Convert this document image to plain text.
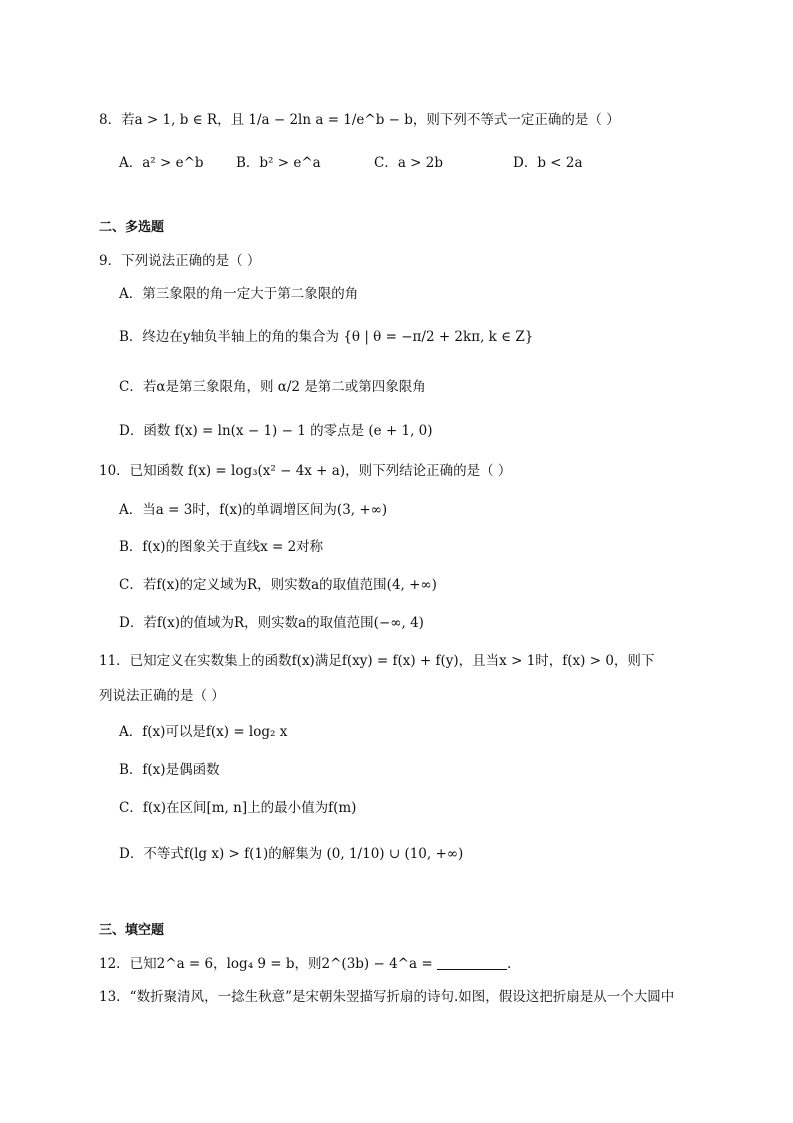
8．若a > 1, b ∈ R，且 1/a − 2ln a = 1/e^b − b，则下列不等式一定正确的是（ ）
A．a² > e^b B．b² > e^a	C．a > 2b	D．b < 2a
二、多选题
9．下列说法正确的是（ ）
A．第三象限的角一定大于第二象限的角
B．终边在y轴负半轴上的角的集合为 {θ | θ = −π/2 + 2kπ, k ∈ Z}
C．若α是第三象限角，则 α/2 是第二或第四象限角
D．函数 f(x) = ln(x − 1) − 1 的零点是 (e + 1, 0)
10．已知函数 f(x) = log₃(x² − 4x + a)，则下列结论正确的是（ ）
A．当a = 3时，f(x)的单调增区间为(3, +∞)
B．f(x)的图象关于直线x = 2对称
C．若f(x)的定义域为R，则实数a的取值范围(4, +∞)
D．若f(x)的值域为R，则实数a的取值范围(−∞, 4)
11．已知定义在实数集上的函数f(x)满足f(xy) = f(x) + f(y)，且当x > 1时，f(x) > 0，则下
列说法正确的是（ ）
A．f(x)可以是f(x) = log₂ x
B．f(x)是偶函数
C．f(x)在区间[m, n]上的最小值为f(m)
D．不等式f(lg x) > f(1)的解集为 (0, 1/10) ∪ (10, +∞)
三、填空题
12．已知2^a = 6，log₄ 9 = b，则2^(3b) − 4^a =	.
13．“数折聚清风，一捻生秋意”是宋朝朱翌描写折扇的诗句.如图，假设这把折扇是从一个大圆中
